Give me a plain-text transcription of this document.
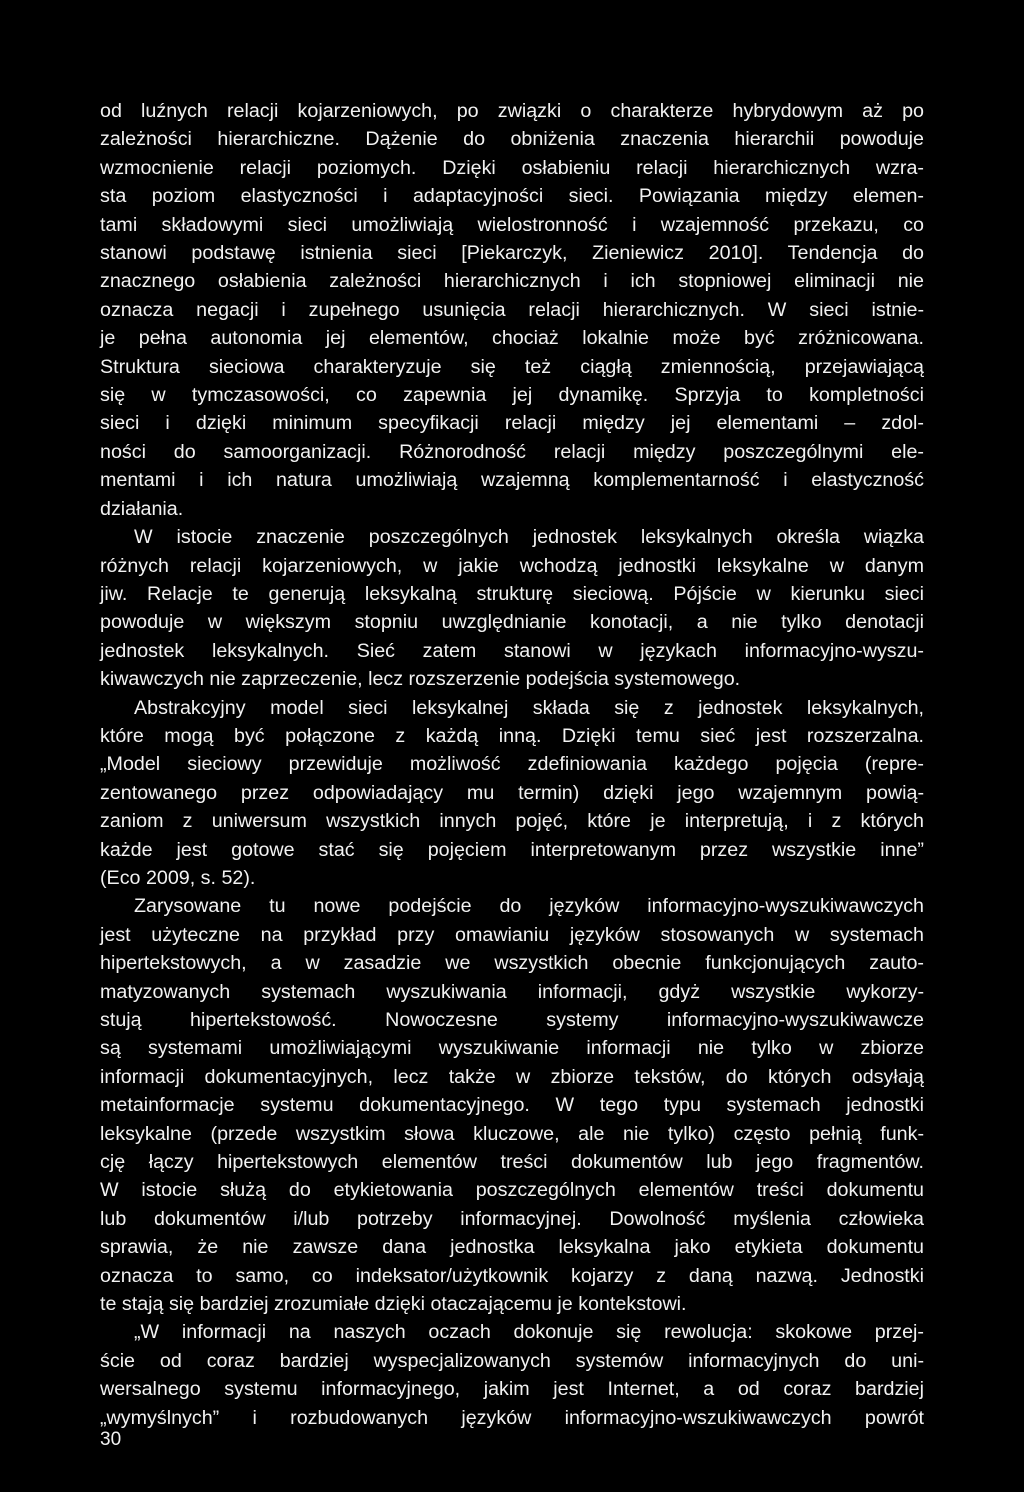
od luźnych relacji kojarzeniowych, po związki o charakterze hybrydowym aż po
zależności hierarchiczne. Dążenie do obniżenia znaczenia hierarchii powoduje
wzmocnienie relacji poziomych. Dzięki osłabieniu relacji hierarchicznych wzra-
sta poziom elastyczności i adaptacyjności sieci. Powiązania między elemen-
tami składowymi sieci umożliwiają wielostronność i wzajemność przekazu, co
stanowi podstawę istnienia sieci [Piekarczyk, Zieniewicz 2010]. Tendencja do
znacznego osłabienia zależności hierarchicznych i ich stopniowej eliminacji nie
oznacza negacji i zupełnego usunięcia relacji hierarchicznych. W sieci istnie-
je pełna autonomia jej elementów, chociaż lokalnie może być zróżnicowana.
Struktura sieciowa charakteryzuje się też ciągłą zmiennością, przejawiającą
się w tymczasowości, co zapewnia jej dynamikę. Sprzyja to kompletności
sieci i dzięki minimum specyfikacji relacji między jej elementami – zdol-
ności do samoorganizacji. Różnorodność relacji między poszczególnymi ele-
mentami i ich natura umożliwiają wzajemną komplementarność i elastyczność
działania.
W istocie znaczenie poszczególnych jednostek leksykalnych określa wiązka
różnych relacji kojarzeniowych, w jakie wchodzą jednostki leksykalne w danym
jiw. Relacje te generują leksykalną strukturę sieciową. Pójście w kierunku sieci
powoduje w większym stopniu uwzględnianie konotacji, a nie tylko denotacji
jednostek leksykalnych. Sieć zatem stanowi w językach informacyjno-wyszu-
kiwawczych nie zaprzeczenie, lecz rozszerzenie podejścia systemowego.
Abstrakcyjny model sieci leksykalnej składa się z jednostek leksykalnych,
które mogą być połączone z każdą inną. Dzięki temu sieć jest rozszerzalna.
„Model sieciowy przewiduje możliwość zdefiniowania każdego pojęcia (repre-
zentowanego przez odpowiadający mu termin) dzięki jego wzajemnym powią-
zaniom z uniwersum wszystkich innych pojęć, które je interpretują, i z których
każde jest gotowe stać się pojęciem interpretowanym przez wszystkie inne”
(Eco 2009, s. 52).
Zarysowane tu nowe podejście do języków informacyjno-wyszukiwawczych
jest użyteczne na przykład przy omawianiu języków stosowanych w systemach
hipertekstowych, a w zasadzie we wszystkich obecnie funkcjonujących zauto-
matyzowanych systemach wyszukiwania informacji, gdyż wszystkie wykorzy-
stują hipertekstowość. Nowoczesne systemy informacyjno-wyszukiwawcze
są systemami umożliwiającymi wyszukiwanie informacji nie tylko w zbiorze
informacji dokumentacyjnych, lecz także w zbiorze tekstów, do których odsyłają
metainformacje systemu dokumentacyjnego. W tego typu systemach jednostki
leksykalne (przede wszystkim słowa kluczowe, ale nie tylko) często pełnią funk-
cję łączy hipertekstowych elementów treści dokumentów lub jego fragmentów.
W istocie służą do etykietowania poszczególnych elementów treści dokumentu
lub dokumentów i/lub potrzeby informacyjnej. Dowolność myślenia człowieka
sprawia, że nie zawsze dana jednostka leksykalna jako etykieta dokumentu
oznacza to samo, co indeksator/użytkownik kojarzy z daną nazwą. Jednostki
te stają się bardziej zrozumiałe dzięki otaczającemu je kontekstowi.
„W informacji na naszych oczach dokonuje się rewolucja: skokowe przej-
ście od coraz bardziej wyspecjalizowanych systemów informacyjnych do uni-
wersalnego systemu informacyjnego, jakim jest Internet, a od coraz bardziej
„wymyślnych” i rozbudowanych języków informacyjno-wszukiwawczych powrót
30
